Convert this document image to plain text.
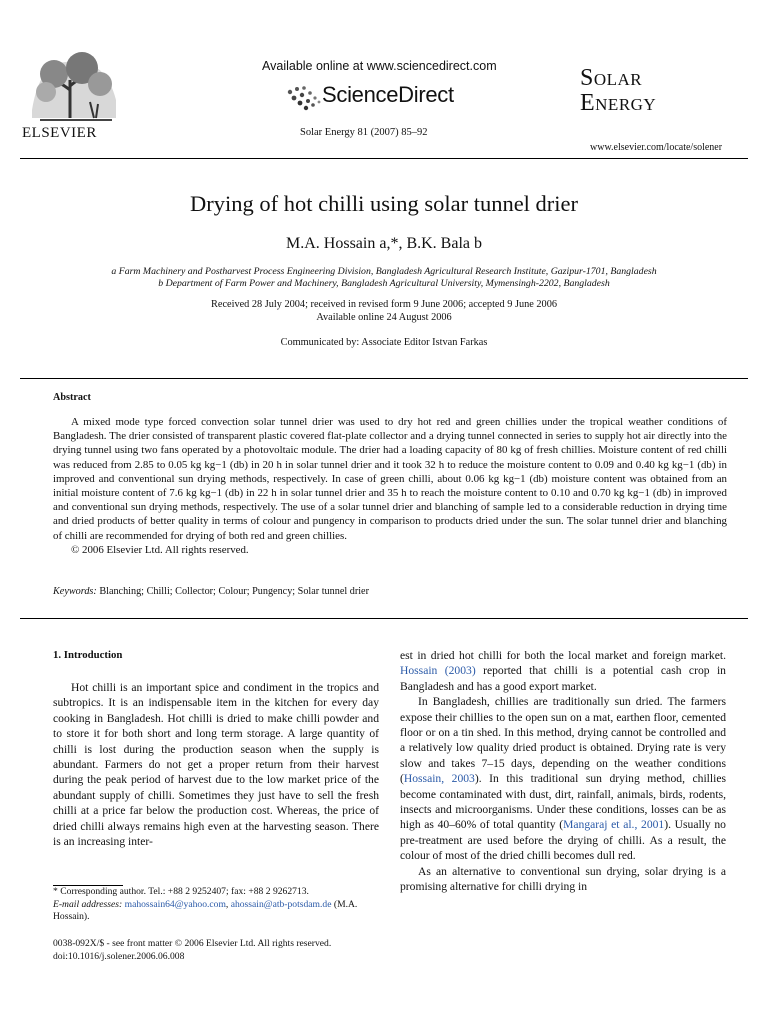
ELSEVIER
Available online at www.sciencedirect.com
ScienceDirect
Solar Energy 81 (2007) 85–92
Solar
Energy
www.elsevier.com/locate/solener
Drying of hot chilli using solar tunnel drier
M.A. Hossain a,*, B.K. Bala b
a Farm Machinery and Postharvest Process Engineering Division, Bangladesh Agricultural Research Institute, Gazipur-1701, Bangladesh
b Department of Farm Power and Machinery, Bangladesh Agricultural University, Mymensingh-2202, Bangladesh
Received 28 July 2004; received in revised form 9 June 2006; accepted 9 June 2006
Available online 24 August 2006
Communicated by: Associate Editor Istvan Farkas
Abstract

A mixed mode type forced convection solar tunnel drier was used to dry hot red and green chillies under the tropical weather conditions of Bangladesh. The drier consisted of transparent plastic covered flat-plate collector and a drying tunnel connected in series to supply hot air directly into the drying tunnel using two fans operated by a photovoltaic module. The drier had a loading capacity of 80 kg of fresh chillies. Moisture content of red chilli was reduced from 2.85 to 0.05 kg kg−1 (db) in 20 h in solar tunnel drier and it took 32 h to reduce the moisture content to 0.09 and 0.40 kg kg−1 (db) in improved and conventional sun drying methods, respectively. In case of green chilli, about 0.06 kg kg−1 (db) moisture content was obtained from an initial moisture content of 7.6 kg kg−1 (db) in 22 h in solar tunnel drier and 35 h to reach the moisture content to 0.10 and 0.70 kg kg−1 (db) in improved and conventional sun drying methods, respectively. The use of a solar tunnel drier and blanching of sample led to a considerable reduction in drying time and dried products of better quality in terms of colour and pungency in comparison to products dried under the sun. The solar tunnel drier and blanching of chilli are recommended for drying of both red and green chillies.

© 2006 Elsevier Ltd. All rights reserved.

Keywords: Blanching; Chilli; Collector; Colour; Pungency; Solar tunnel drier
1. Introduction

Hot chilli is an important spice and condiment in the tropics and subtropics. It is an indispensable item in the kitchen for every day cooking in Bangladesh. Hot chilli is dried to make chilli powder and to store it for both short and long term storage. A large quantity of chilli is lost during the production season when the supply is abundant. Farmers do not get a proper return from their harvest during the peak period of harvest due to the low market price of the abundant supply of chilli. Sometimes they just have to sell the fresh chilli at a price far below the production cost. Whereas, the price of dried chilli always remains high even at the harvesting season. There is an increasing inter-

est in dried hot chilli for both the local market and foreign market. Hossain (2003) reported that chilli is a potential cash crop in Bangladesh and has a good export market.

In Bangladesh, chillies are traditionally sun dried. The farmers expose their chillies to the open sun on a mat, earthen floor, cemented floor or on a tin shed. In this method, drying cannot be controlled and a relatively low quality dried product is obtained. Drying rate is very slow and takes 7–15 days, depending on the weather conditions (Hossain, 2003). In this traditional sun drying method, chillies become contaminated with dust, dirt, rainfall, animals, birds, rodents, insects and microorganisms. Under these conditions, losses can be as high as 40–60% of total quantity (Mangaraj et al., 2001). Usually no pre-treatment are used before the drying of chilli. As a result, the colour of most of the dried chilli becomes dull red.

As an alternative to conventional sun drying, solar drying is a promising alternative for chilli drying in

* Corresponding author. Tel.: +88 2 9252407; fax: +88 2 9262713.

E-mail addresses: mahossain64@yahoo.com, ahossain@atb-potsdam.de (M.A. Hossain).

0038-092X/$ - see front matter © 2006 Elsevier Ltd. All rights reserved.
doi:10.1016/j.solener.2006.06.008
